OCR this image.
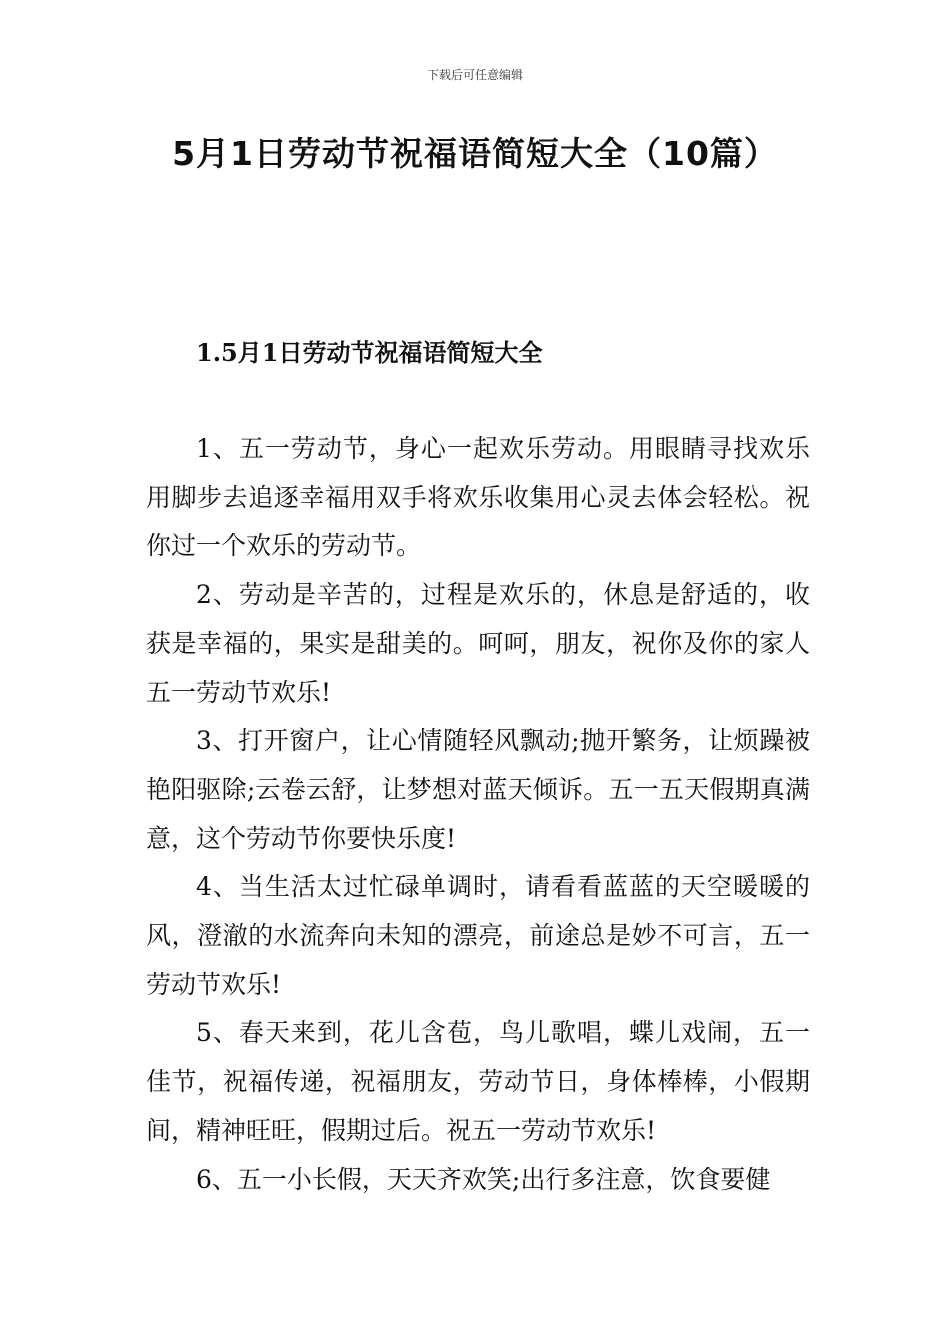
下载后可任意编辑
5月1日劳动节祝福语简短大全（10篇）
1.5月1日劳动节祝福语简短大全

1、五一劳动节，身心一起欢乐劳动。用眼睛寻找欢乐用脚步去追逐幸福用双手将欢乐收集用心灵去体会轻松。祝你过一个欢乐的劳动节。

2、劳动是辛苦的，过程是欢乐的，休息是舒适的，收获是幸福的，果实是甜美的。呵呵，朋友，祝你及你的家人五一劳动节欢乐!

3、打开窗户，让心情随轻风飘动;抛开繁务，让烦躁被艳阳驱除;云卷云舒，让梦想对蓝天倾诉。五一五天假期真满意，这个劳动节你要快乐度!

4、当生活太过忙碌单调时，请看看蓝蓝的天空暖暖的风，澄澈的水流奔向未知的漂亮，前途总是妙不可言，五一劳动节欢乐!

5、春天来到，花儿含苞，鸟儿歌唱，蝶儿戏闹，五一佳节，祝福传递，祝福朋友，劳动节日，身体棒棒，小假期间，精神旺旺，假期过后。祝五一劳动节欢乐!

6、五一小长假，天天齐欢笑;出行多注意，饮食要健
